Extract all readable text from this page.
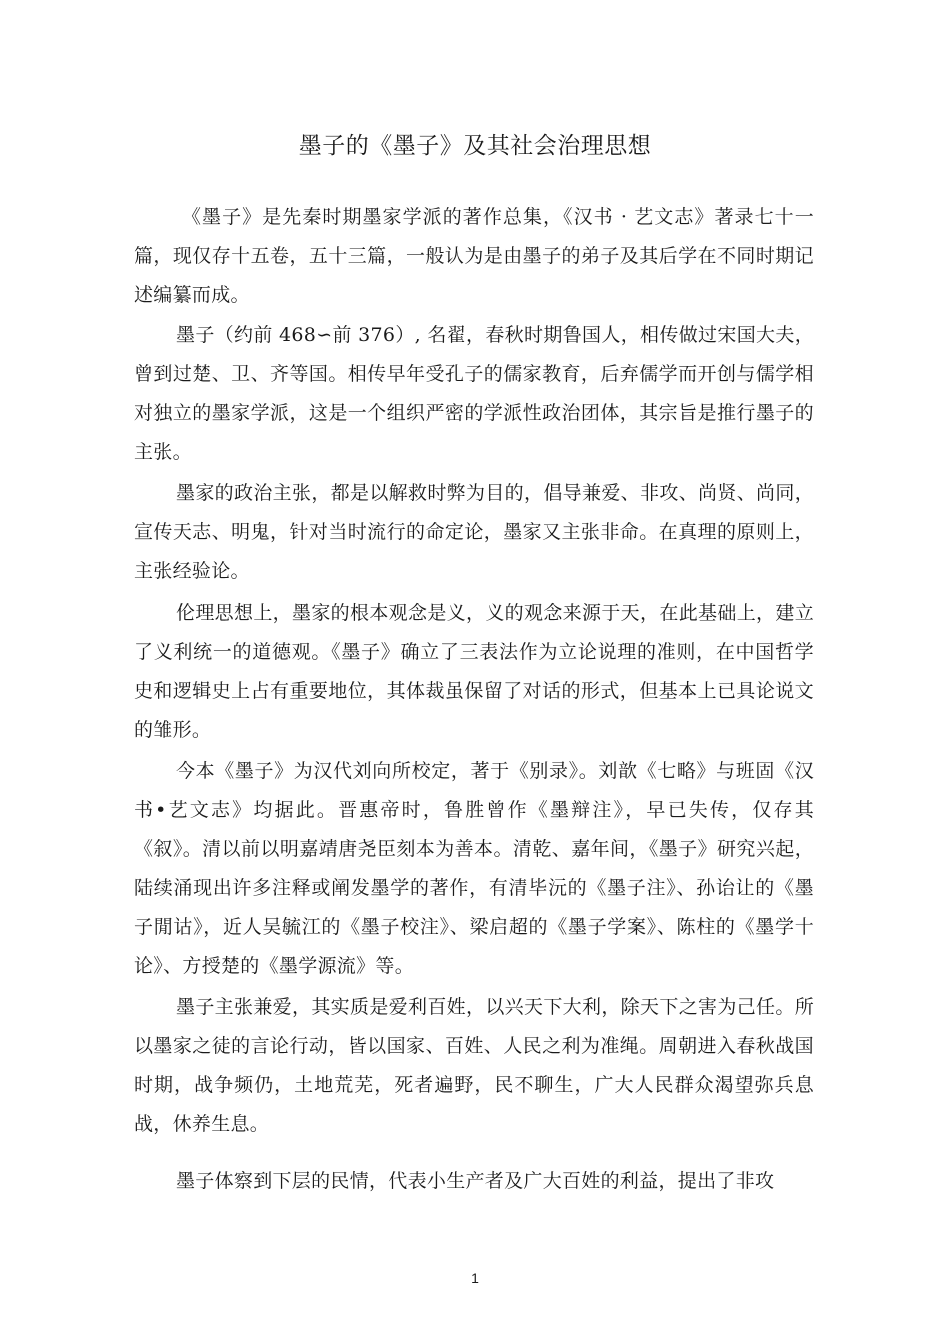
墨子的《墨子》及其社会治理思想

《墨子》是先秦时期墨家学派的著作总集，《汉书 · 艺文志》著录七十一篇，现仅存十五卷，五十三篇，一般认为是由墨子的弟子及其后学在不同时期记述编纂而成。

墨子（约前 468∽前 376）, 名翟，春秋时期鲁国人，相传做过宋国大夫，曾到过楚、卫、齐等国。相传早年受孔子的儒家教育，后弃儒学而开创与儒学相对独立的墨家学派，这是一个组织严密的学派性政治团体，其宗旨是推行墨子的主张。

墨家的政治主张，都是以解救时弊为目的，倡导兼爱、非攻、尚贤、尚同，宣传天志、明鬼，针对当时流行的命定论，墨家又主张非命。在真理的原则上，主张经验论。

伦理思想上，墨家的根本观念是义，义的观念来源于天，在此基础上，建立了义利统一的道德观。《墨子》确立了三表法作为立论说理的准则，在中国哲学史和逻辑史上占有重要地位，其体裁虽保留了对话的形式，但基本上已具论说文的雏形。

今本《墨子》为汉代刘向所校定，著于《别录》。刘歆《七略》与班固《汉书•艺文志》均据此。晋惠帝时，鲁胜曾作《墨辩注》，早已失传，仅存其《叙》。清以前以明嘉靖唐尧臣刻本为善本。清乾、嘉年间，《墨子》研究兴起，陆续涌现出许多注释或阐发墨学的著作，有清毕沅的《墨子注》、孙诒让的《墨子閒诂》，近人吴毓江的《墨子校注》、梁启超的《墨子学案》、陈柱的《墨学十论》、方授楚的《墨学源流》等。

墨子主张兼爱，其实质是爱利百姓，以兴天下大利，除天下之害为己任。所以墨家之徒的言论行动，皆以国家、百姓、人民之利为准绳。周朝进入春秋战国时期，战争频仍，土地荒芜，死者遍野，民不聊生，广大人民群众渴望弥兵息战，休养生息。

墨子体察到下层的民情，代表小生产者及广大百姓的利益，提出了非攻

1
